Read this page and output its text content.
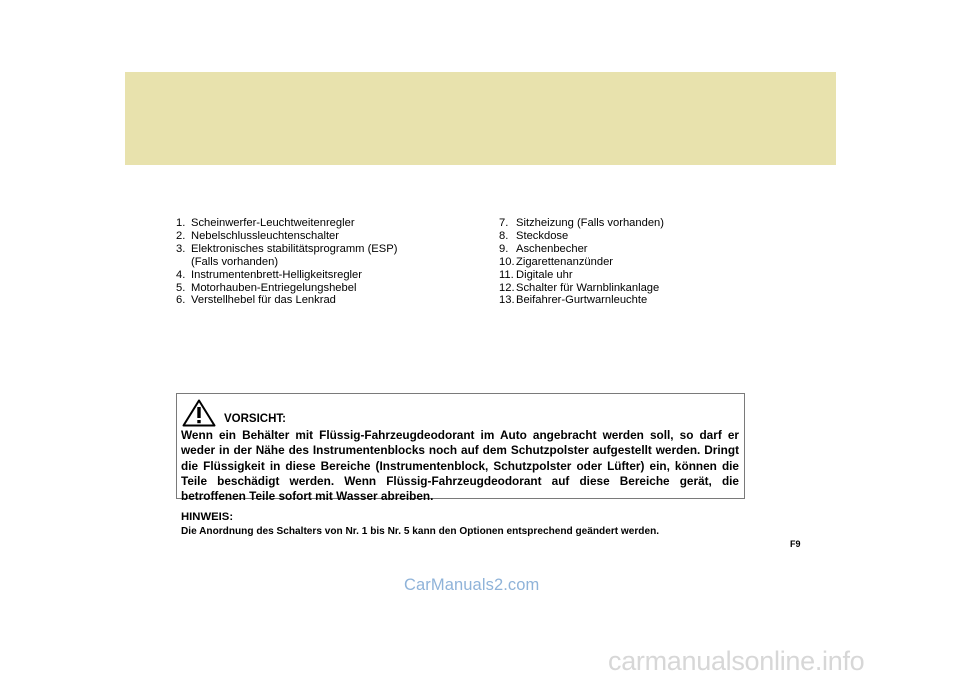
1. Scheinwerfer-Leuchtweitenregler
2. Nebelschlussleuchtenschalter
3. Elektronisches stabilitätsprogramm (ESP)
(Falls vorhanden)
4. Instrumentenbrett-Helligkeitsregler
5. Motorhauben-Entriegelungshebel
6. Verstellhebel für das Lenkrad
7. Sitzheizung (Falls vorhanden)
8. Steckdose
9. Aschenbecher
10. Zigarettenanzünder
11. Digitale uhr
12. Schalter für Warnblinkanlage
13. Beifahrer-Gurtwarnleuchte
VORSICHT:
Wenn ein Behälter mit Flüssig-Fahrzeugdeodorant im Auto angebracht werden soll, so darf er weder in der Nähe des Instrumentenblocks noch auf dem Schutzpolster aufgestellt werden. Dringt die Flüssigkeit in diese Bereiche (Instrumentenblock, Schutzpolster oder Lüfter) ein, können die Teile beschädigt werden. Wenn Flüssig-Fahrzeugdeodorant auf diese Bereiche gerät, die betroffenen Teile sofort mit Wasser abreiben.
HINWEIS:
Die Anordnung des Schalters von Nr. 1 bis Nr. 5 kann den Optionen entsprechend geändert werden.
F9
CarManuals2.com
carmanualsonline.info
